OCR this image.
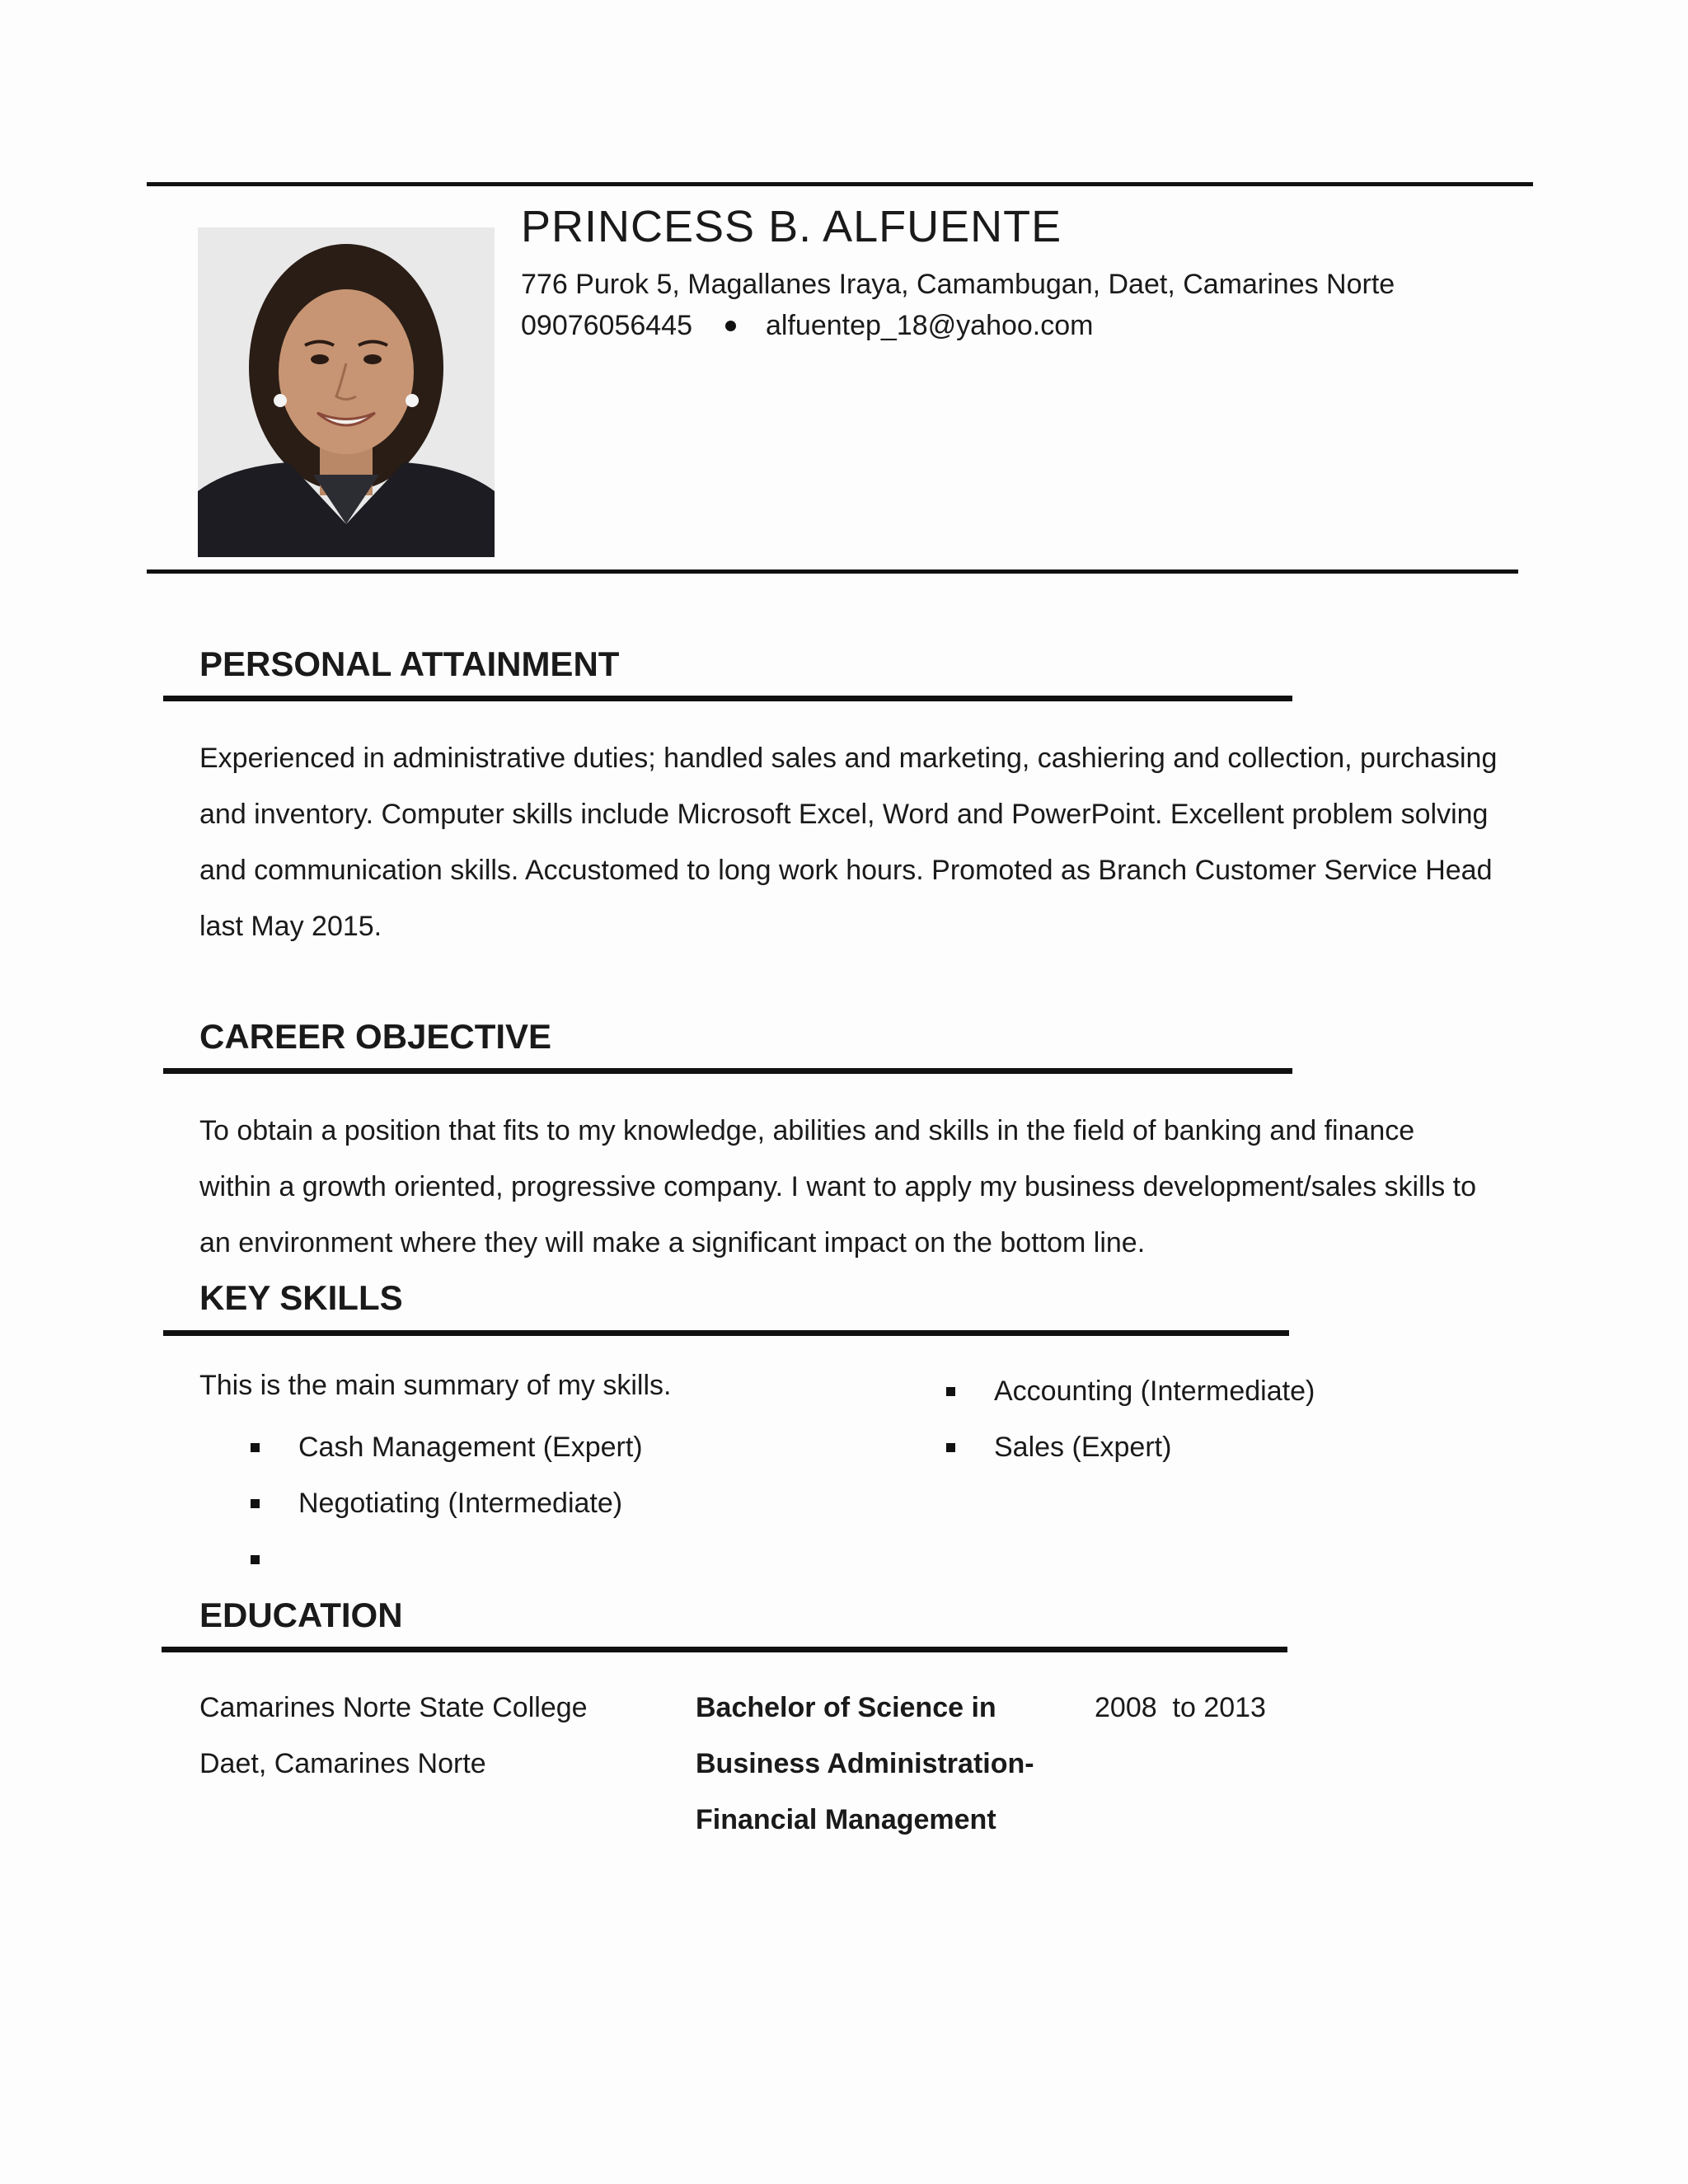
PRINCESS B. ALFUENTE
776 Purok 5, Magallanes Iraya, Camambugan, Daet, Camarines Norte
09076056445	alfuentep_18@yahoo.com
PERSONAL ATTAINMENT
Experienced in administrative duties; handled sales and marketing, cashiering and collection, purchasing
and inventory. Computer skills include Microsoft Excel, Word and PowerPoint. Excellent problem solving
and communication skills. Accustomed to long work hours. Promoted as Branch Customer Service Head
last May 2015.
CAREER OBJECTIVE
To obtain a position that fits to my knowledge, abilities and skills in the field of banking and finance
within a growth oriented, progressive company. I want to apply my business development/sales skills to
an environment where they will make a significant impact on the bottom line.
KEY SKILLS
This is the main summary of my skills.
Cash Management (Expert)
Negotiating (Intermediate)
Accounting (Intermediate)
Sales (Expert)
EDUCATION
Camarines Norte State College
Daet, Camarines Norte
Bachelor of Science in
Business Administration-
Financial Management
2008  to 2013
